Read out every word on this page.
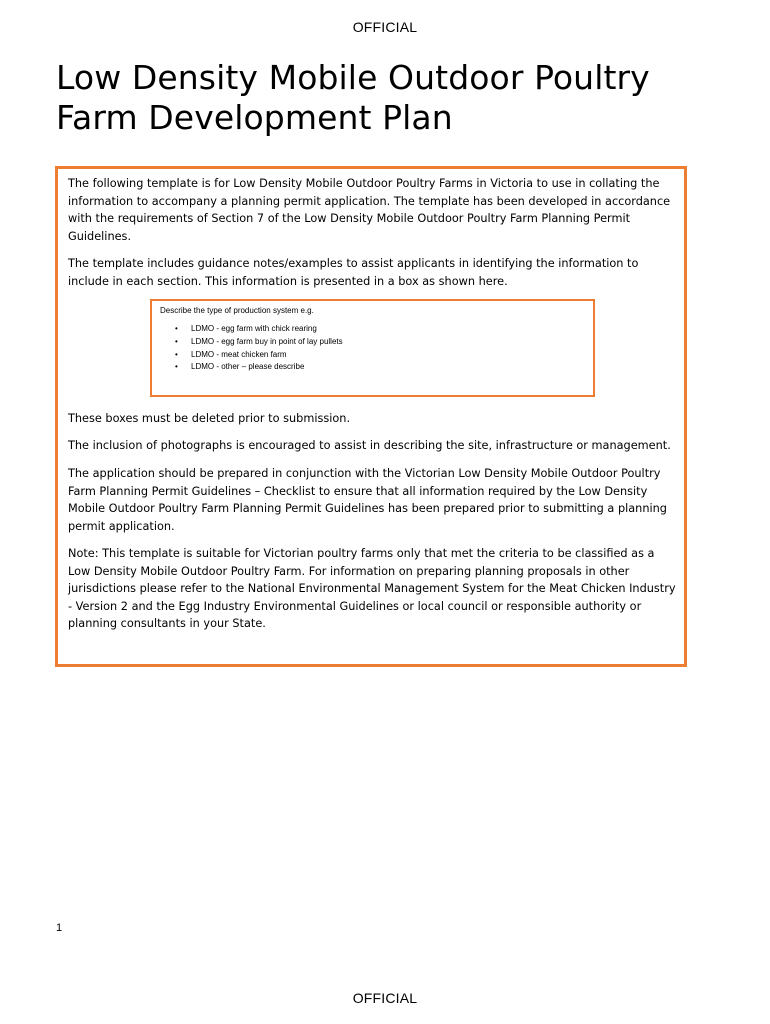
OFFICIAL
Low Density Mobile Outdoor Poultry Farm Development Plan

The following template is for Low Density Mobile Outdoor Poultry Farms in Victoria to use in collating the information to accompany a planning permit application. The template has been developed in accordance with the requirements of Section 7 of the Low Density Mobile Outdoor Poultry Farm Planning Permit Guidelines.

The template includes guidance notes/examples to assist applicants in identifying the information to include in each section. This information is presented in a box as shown here.

Describe the type of production system e.g.
• LDMO - egg farm with chick rearing
• LDMO - egg farm buy in point of lay pullets
• LDMO - meat chicken farm
• LDMO - other – please describe

These boxes must be deleted prior to submission.

The inclusion of photographs is encouraged to assist in describing the site, infrastructure or management.

The application should be prepared in conjunction with the Victorian Low Density Mobile Outdoor Poultry Farm Planning Permit Guidelines – Checklist to ensure that all information required by the Low Density Mobile Outdoor Poultry Farm Planning Permit Guidelines has been prepared prior to submitting a planning permit application.

Note: This template is suitable for Victorian poultry farms only that met the criteria to be classified as a Low Density Mobile Outdoor Poultry Farm. For information on preparing planning proposals in other jurisdictions please refer to the National Environmental Management System for the Meat Chicken Industry - Version 2 and the Egg Industry Environmental Guidelines or local council or responsible authority or planning consultants in your State.

1
OFFICIAL
